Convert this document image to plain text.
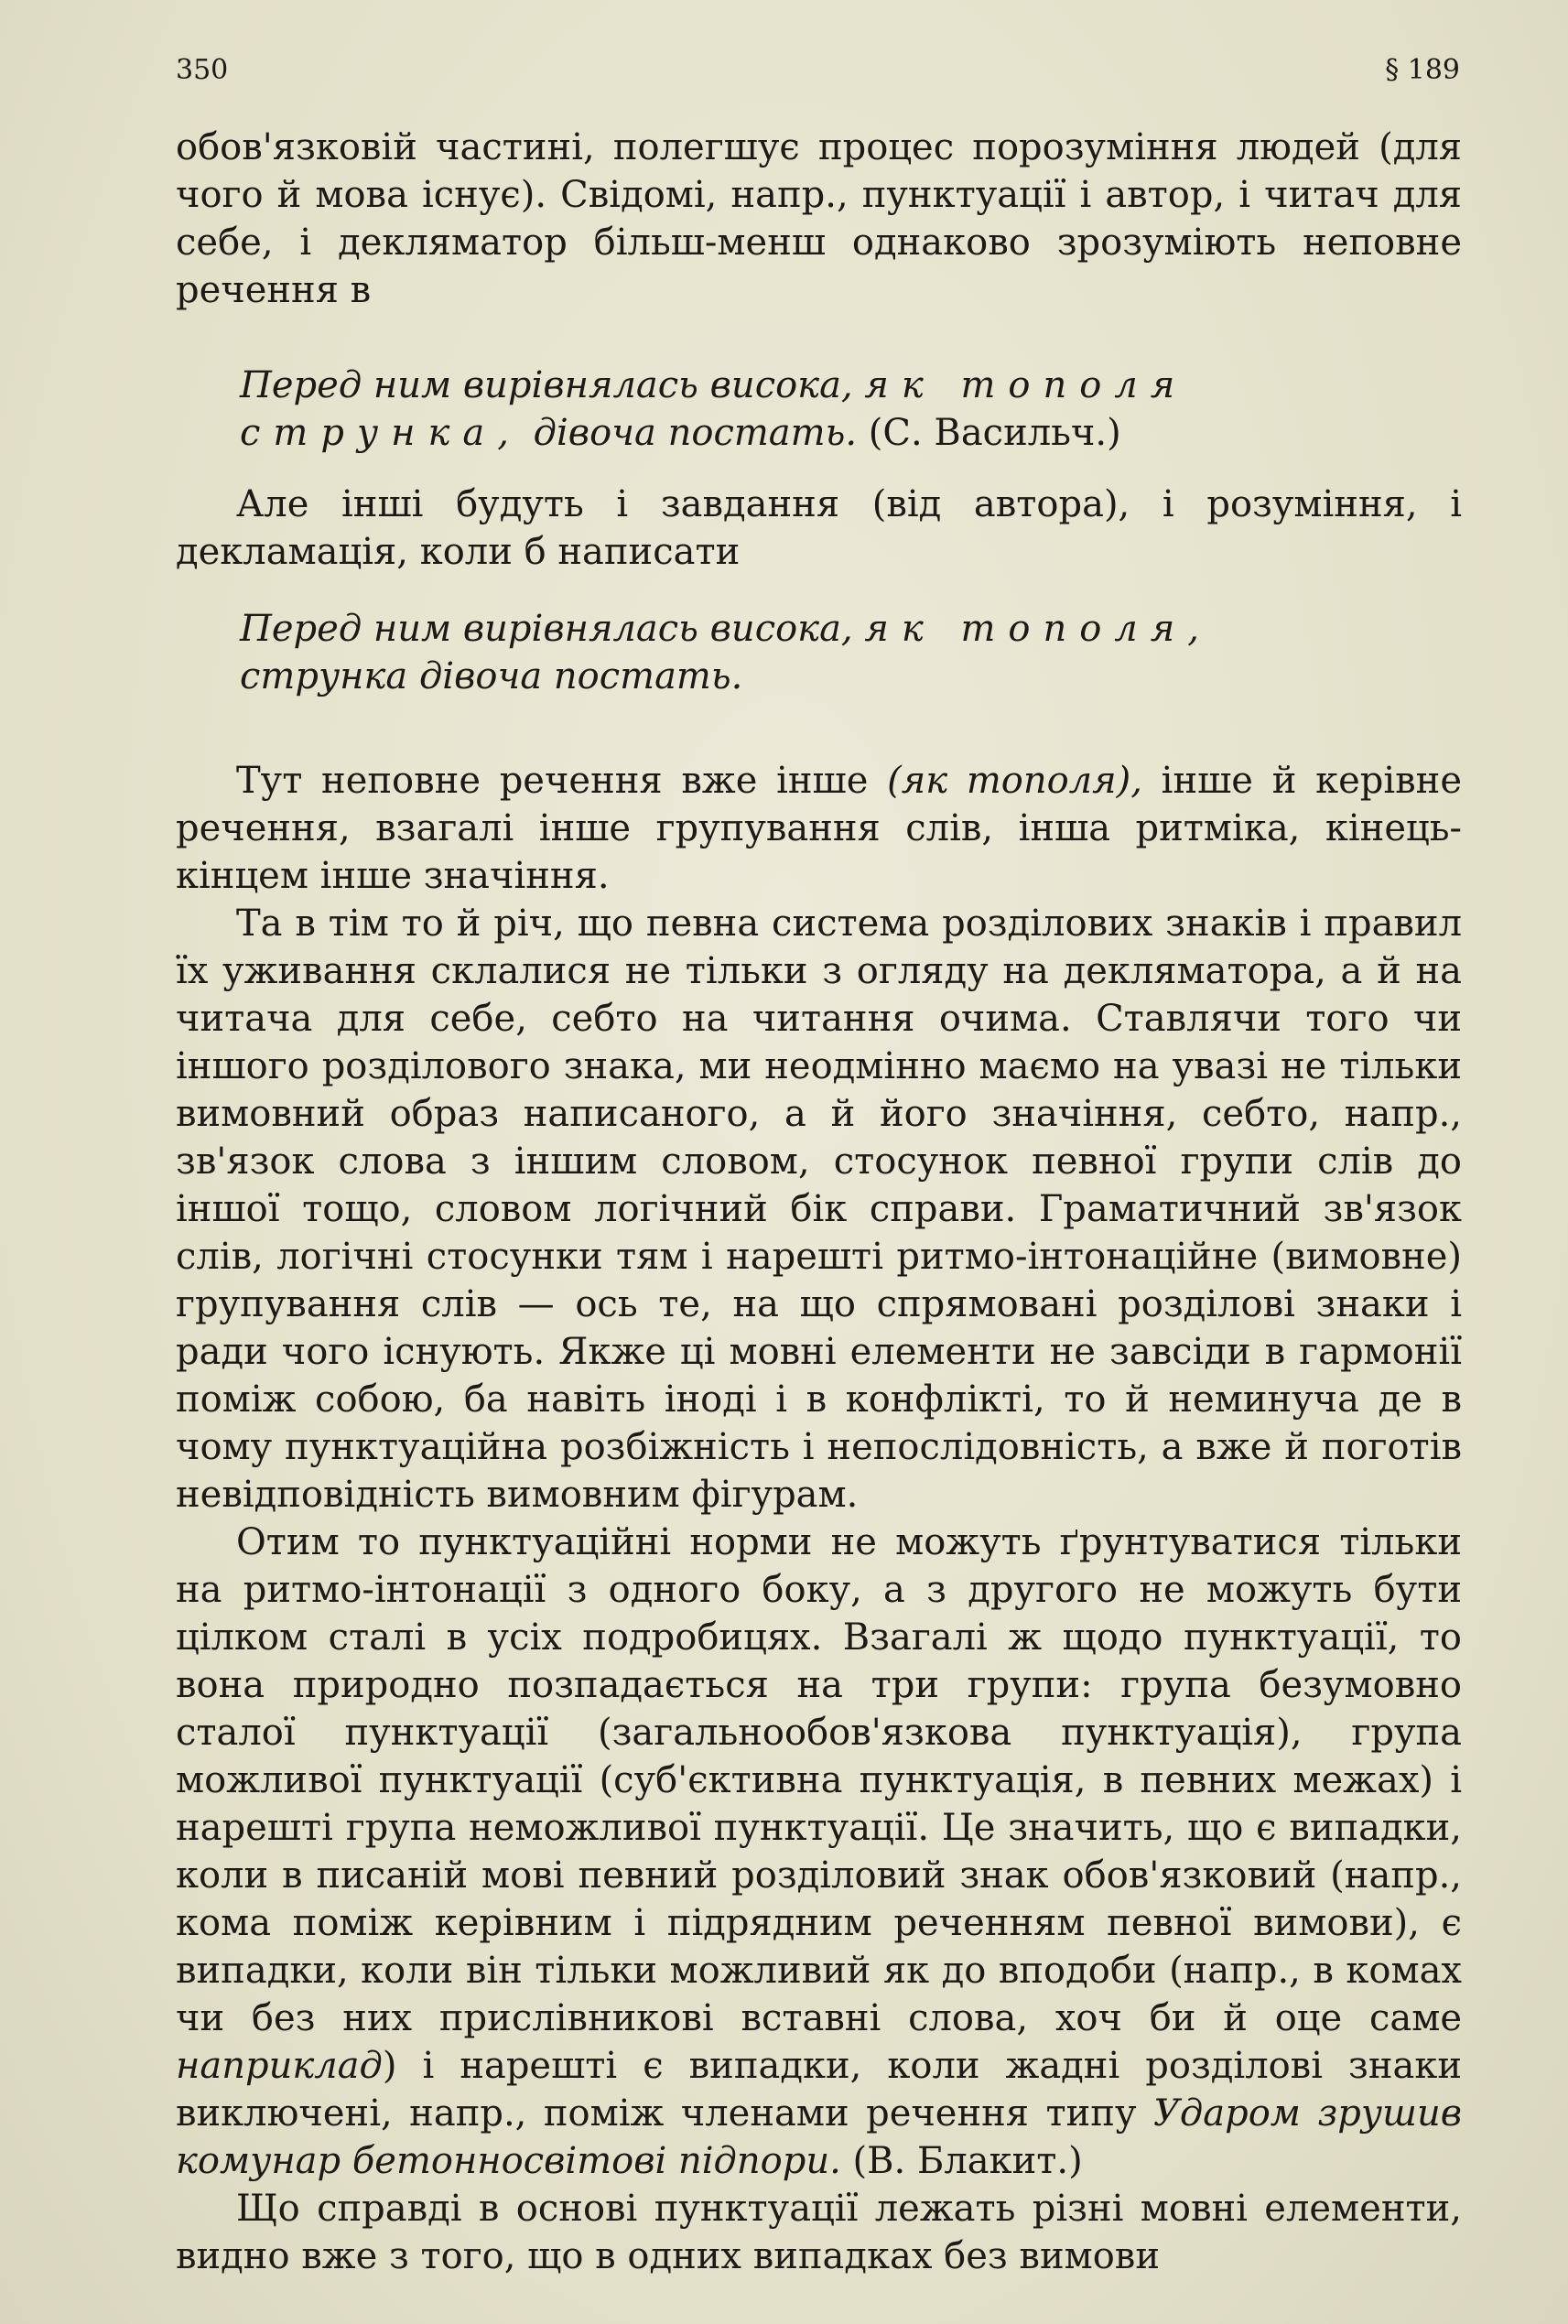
350	§ 189

обов'язковій частині, полегшує процес порозуміння людей (для чого й мова існує). Свідомі, напр., пунктуації і автор, і читач для себе, і декляматор більш-менш однаково зрозуміють неповне речення в

Перед ним вирівнялась висока, як тополя
струнка, дівоча постать. (С. Васильч.)

Але інші будуть і завдання (від автора), і розуміння, і декламація, коли б написати

Перед ним вирівнялась висока, як тополя,
струнка дівоча постать.

Тут неповне речення вже інше (як тополя), інше й керівне речення, взагалі інше групування слів, інша ритміка, кінець-кінцем інше значіння.

Та в тім то й річ, що певна система розділових знаків і правил їх уживання склалися не тільки з огляду на декляматора, а й на читача для себе, себто на читання очима. Ставлячи того чи іншого розділового знака, ми неодмінно маємо на увазі не тільки вимовний образ написаного, а й його значіння, себто, напр., зв'язок слова з іншим словом, стосунок певної групи слів до іншої тощо, словом логічний бік справи. Граматичний зв'язок слів, логічні стосунки тям і нарешті ритмо-інтонаційне (вимовне) групування слів — ось те, на що спрямовані розділові знаки і ради чого існують. Якже ці мовні елементи не завсіди в гармонії поміж собою, ба навіть іноді і в конфлікті, то й неминуча де в чому пунктуаційна розбіжність і непослідовність, а вже й поготів невідповідність вимовним фігурам.

Отим то пунктуаційні норми не можуть ґрунтуватися тільки на ритмо-інтонації з одного боку, а з другого не можуть бути цілком сталі в усіх подробицях. Взагалі ж щодо пунктуації, то вона природно позпадається на три групи: група безумовно сталої пунктуації (загальнообов'язкова пунктуація), група можливої пунктуації (суб'єктивна пунктуація, в певних межах) і нарешті група неможливої пунктуації. Це значить, що є випадки, коли в писаній мові певний розділовий знак обов'язковий (напр., кома поміж керівним і підрядним реченням певної вимови), є випадки, коли він тільки можливий як до вподоби (напр., в комах чи без них прислівникові вставні слова, хоч би й оце саме наприклад) і нарешті є випадки, коли жадні розділові знаки виключені, напр., поміж членами речення типу Ударом зрушив комунар бетонносвітові підпори. (В. Блакит.)

Що справді в основі пунктуації лежать різні мовні елементи, видно вже з того, що в одних випадках без вимови
